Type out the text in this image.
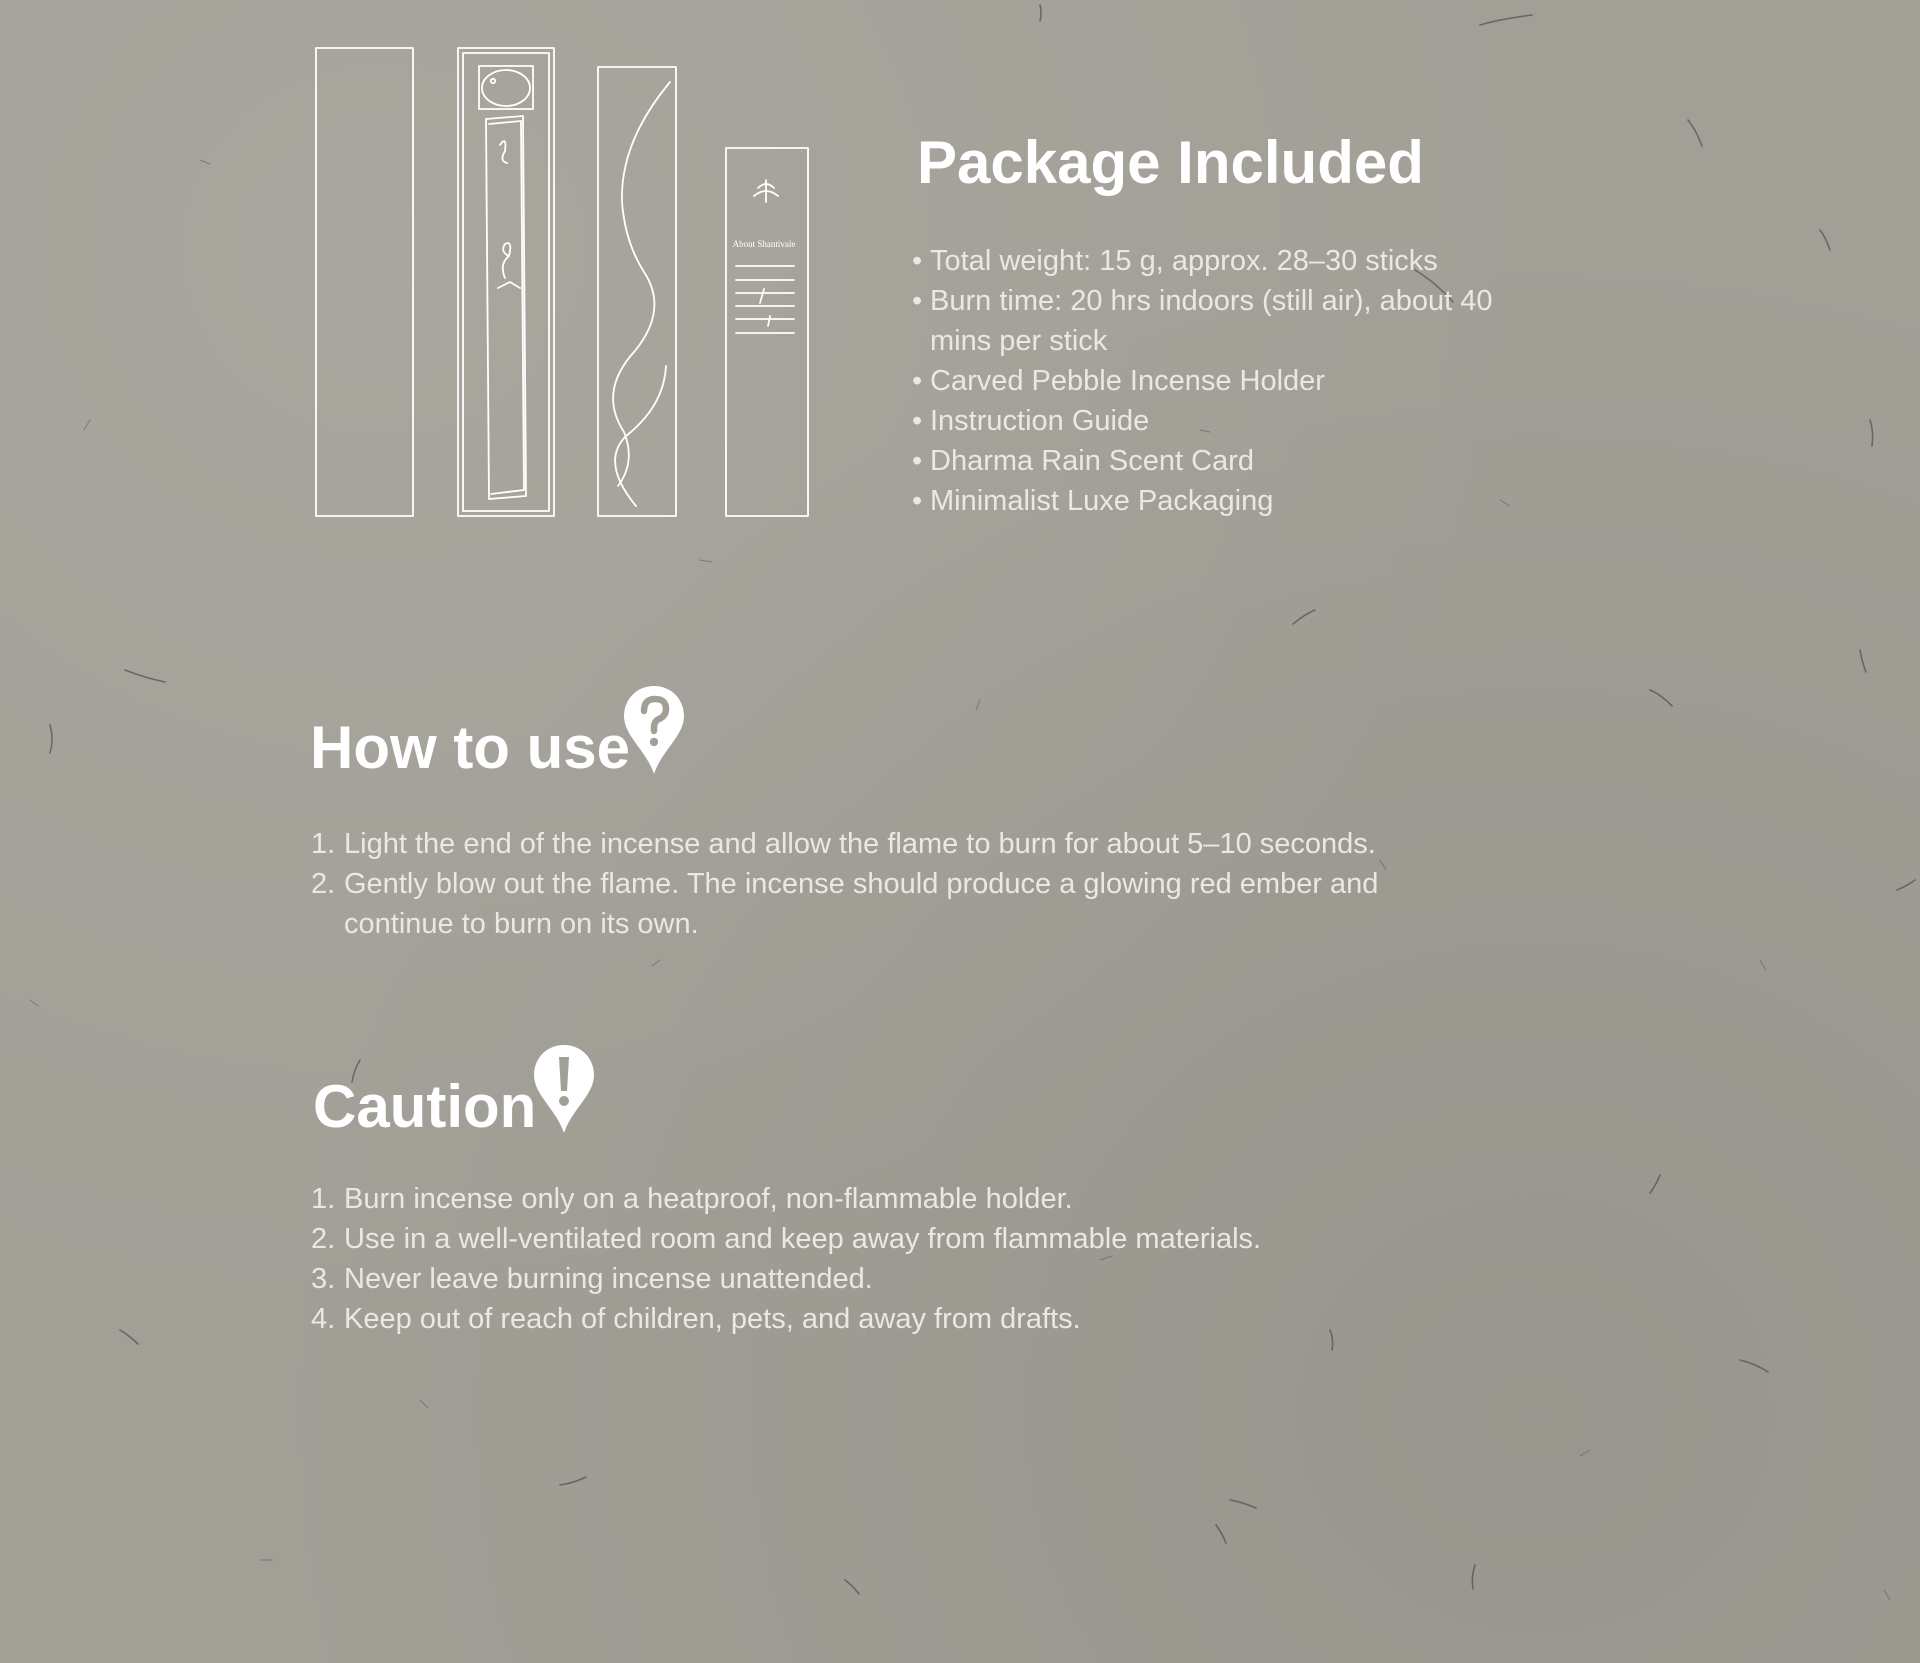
About Shantivale
Package Included
• Total weight: 15 g, approx. 28–30 sticks
• Burn time: 20 hrs indoors (still air), about 40 mins per stick
• Carved Pebble Incense Holder
• Instruction Guide
• Dharma Rain Scent Card
• Minimalist Luxe Packaging
How to use
1. Light the end of the incense and allow the flame to burn for about 5–10 seconds.
2. Gently blow out the flame. The incense should produce a glowing red ember and continue to burn on its own.
Caution
1. Burn incense only on a heatproof, non-flammable holder.
2. Use in a well-ventilated room and keep away from flammable materials.
3. Never leave burning incense unattended.
4. Keep out of reach of children, pets, and away from drafts.
